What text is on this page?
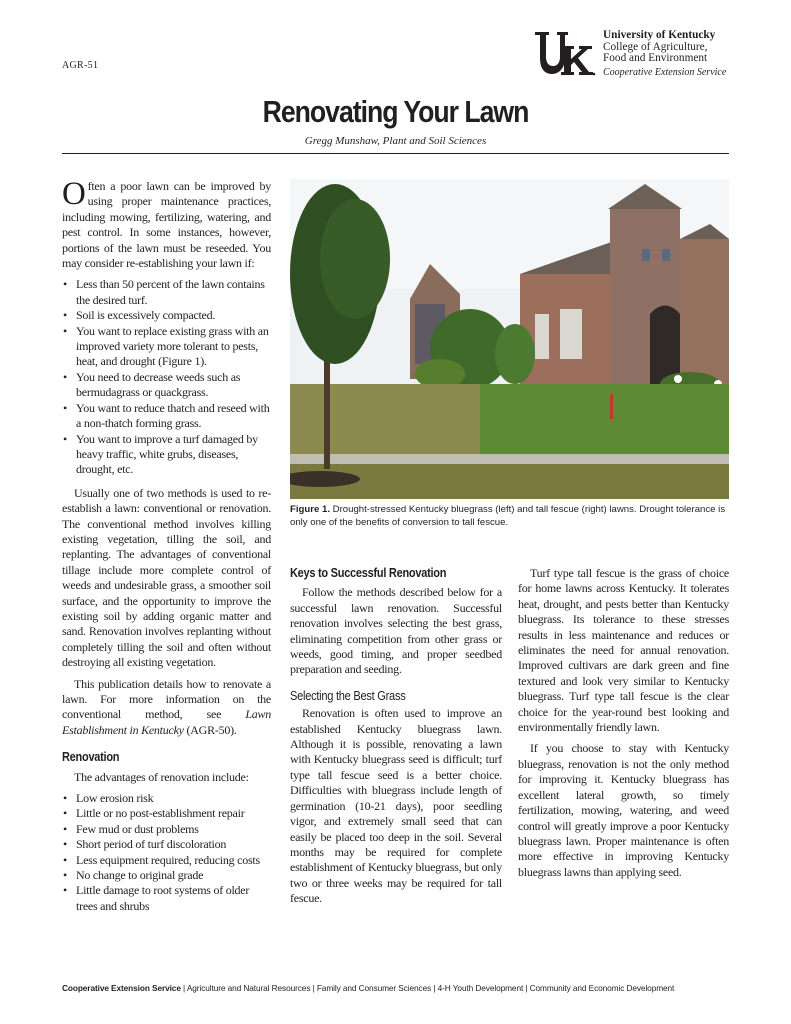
AGR-51
University of Kentucky
College of Agriculture,
Food and Environment
Cooperative Extension Service
Renovating Your Lawn
Gregg Munshaw, Plant and Soil Sciences

Often a poor lawn can be improved by using proper maintenance practices, including mowing, fertilizing, watering, and pest control. In some instances, however, portions of the lawn must be reseeded. You may consider re-establishing your lawn if:

• Less than 50 percent of the lawn contains the desired turf.
• Soil is excessively compacted.
• You want to replace existing grass with an improved variety more tolerant to pests, heat, and drought (Figure 1).
• You need to decrease weeds such as bermudagrass or quackgrass.
• You want to reduce thatch and reseed with a non-thatch forming grass.
• You want to improve a turf damaged by heavy traffic, white grubs, diseases, drought, etc.

Usually one of two methods is used to re-establish a lawn: conventional or renovation. The conventional method involves killing existing vegetation, tilling the soil, and replanting. The advantages of conventional tillage include more complete control of weeds and undesirable grass, a smoother soil surface, and the opportunity to improve the existing soil by adding organic matter and sand. Renovation involves replanting without completely tilling the soil and often without destroying all existing vegetation.

This publication details how to renovate a lawn. For more information on the conventional method, see Lawn Establishment in Kentucky (AGR-50).

Renovation

The advantages of renovation include:

• Low erosion risk
• Little or no post-establishment repair
• Few mud or dust problems
• Short period of turf discoloration
• Less equipment required, reducing costs
• No change to original grade
• Little damage to root systems of older trees and shrubs
Figure 1. Drought-stressed Kentucky bluegrass (left) and tall fescue (right) lawns. Drought tolerance is only one of the benefits of conversion to tall fescue.
Keys to Successful Renovation

Follow the methods described below for a successful lawn renovation. Successful renovation involves selecting the best grass, eliminating competition from other grass or weeds, good timing, and proper seedbed preparation and seeding.

Selecting the Best Grass

Renovation is often used to improve an established Kentucky bluegrass lawn. Although it is possible, renovating a lawn with Kentucky bluegrass seed is difficult; turf type tall fescue seed is a better choice. Difficulties with bluegrass include length of germination (10-21 days), poor seedling vigor, and extremely small seed that can easily be placed too deep in the soil. Several months may be required for complete establishment of Kentucky bluegrass, but only two or three weeks may be required for tall fescue.

Turf type tall fescue is the grass of choice for home lawns across Kentucky. It tolerates heat, drought, and pests better than Kentucky bluegrass. Its tolerance to these stresses results in less maintenance and reduces or eliminates the need for annual renovation. Improved cultivars are dark green and fine textured and look very similar to Kentucky bluegrass. Turf type tall fescue is the clear choice for the year-round best looking and environmentally friendly lawn.

If you choose to stay with Kentucky bluegrass, renovation is not the only method for improving it. Kentucky bluegrass has excellent lateral growth, so timely fertilization, mowing, watering, and weed control will greatly improve a poor Kentucky bluegrass lawn. Proper maintenance is often more effective in improving Kentucky bluegrass lawns than applying seed.

Cooperative Extension Service | Agriculture and Natural Resources | Family and Consumer Sciences | 4-H Youth Development | Community and Economic Development
